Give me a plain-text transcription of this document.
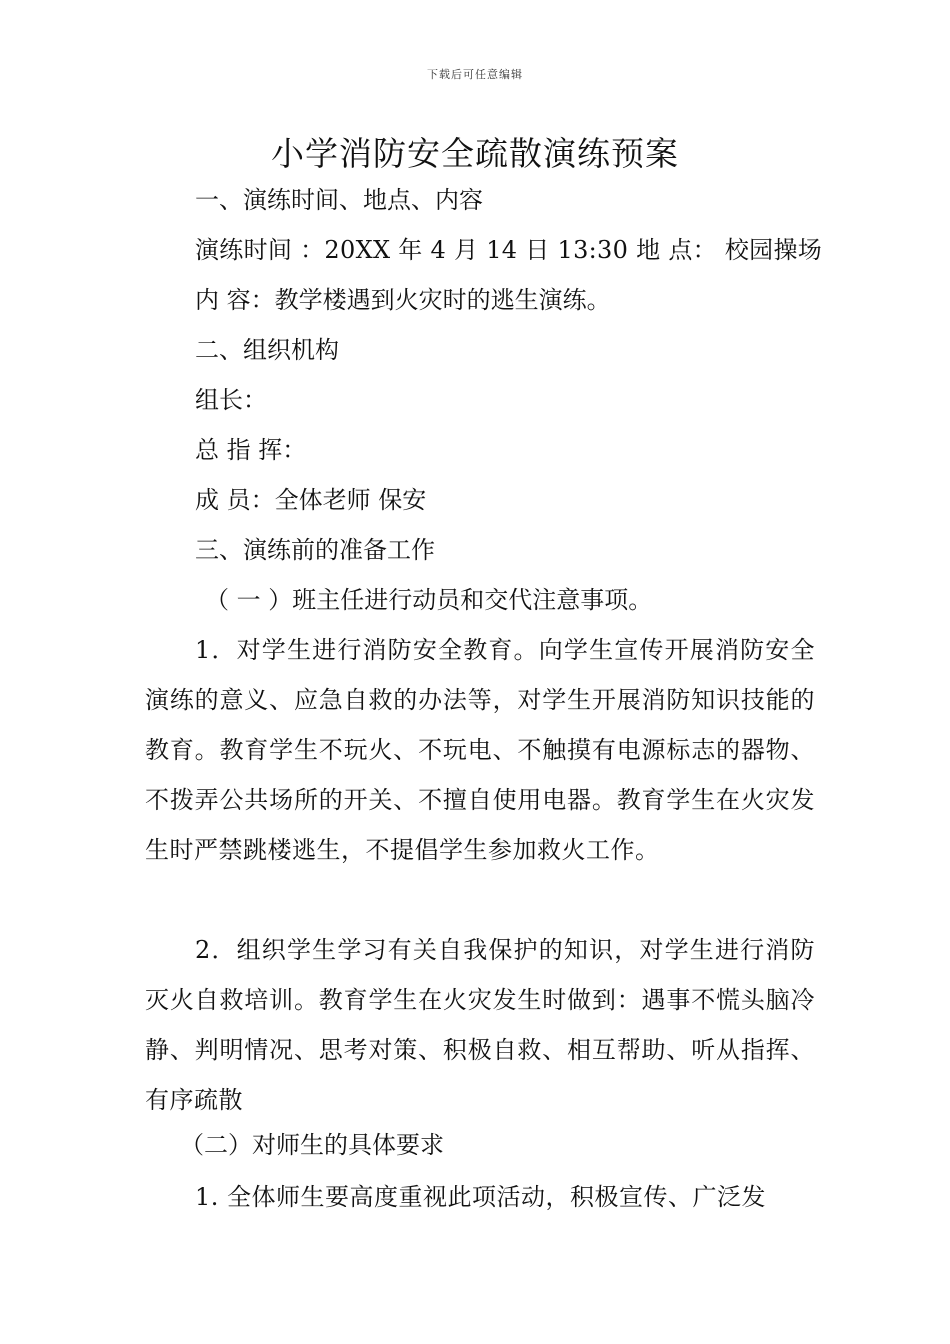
下载后可任意编辑
小学消防安全疏散演练预案
一、演练时间、地点、内容
演练时间 ：20XX 年 4 月 14 日 13:30 地 点： 校园操场
内 容：教学楼遇到火灾时的逃生演练。
二、组织机构
组长：
总 指 挥：
成 员：全体老师 保安
三、演练前的准备工作
（ 一 ）班主任进行动员和交代注意事项。
1．对学生进行消防安全教育。向学生宣传开展消防安全演练的意义、应急自救的办法等，对学生开展消防知识技能的教育。教育学生不玩火、不玩电、不触摸有电源标志的器物、不拨弄公共场所的开关、不擅自使用电器。教育学生在火灾发生时严禁跳楼逃生，不提倡学生参加救火工作。
2．组织学生学习有关自我保护的知识，对学生进行消防灭火自救培训。教育学生在火灾发生时做到：遇事不慌头脑冷静、判明情况、思考对策、积极自救、相互帮助、听从指挥、有序疏散
（二）对师生的具体要求
1. 全体师生要高度重视此项活动，积极宣传、广泛发
